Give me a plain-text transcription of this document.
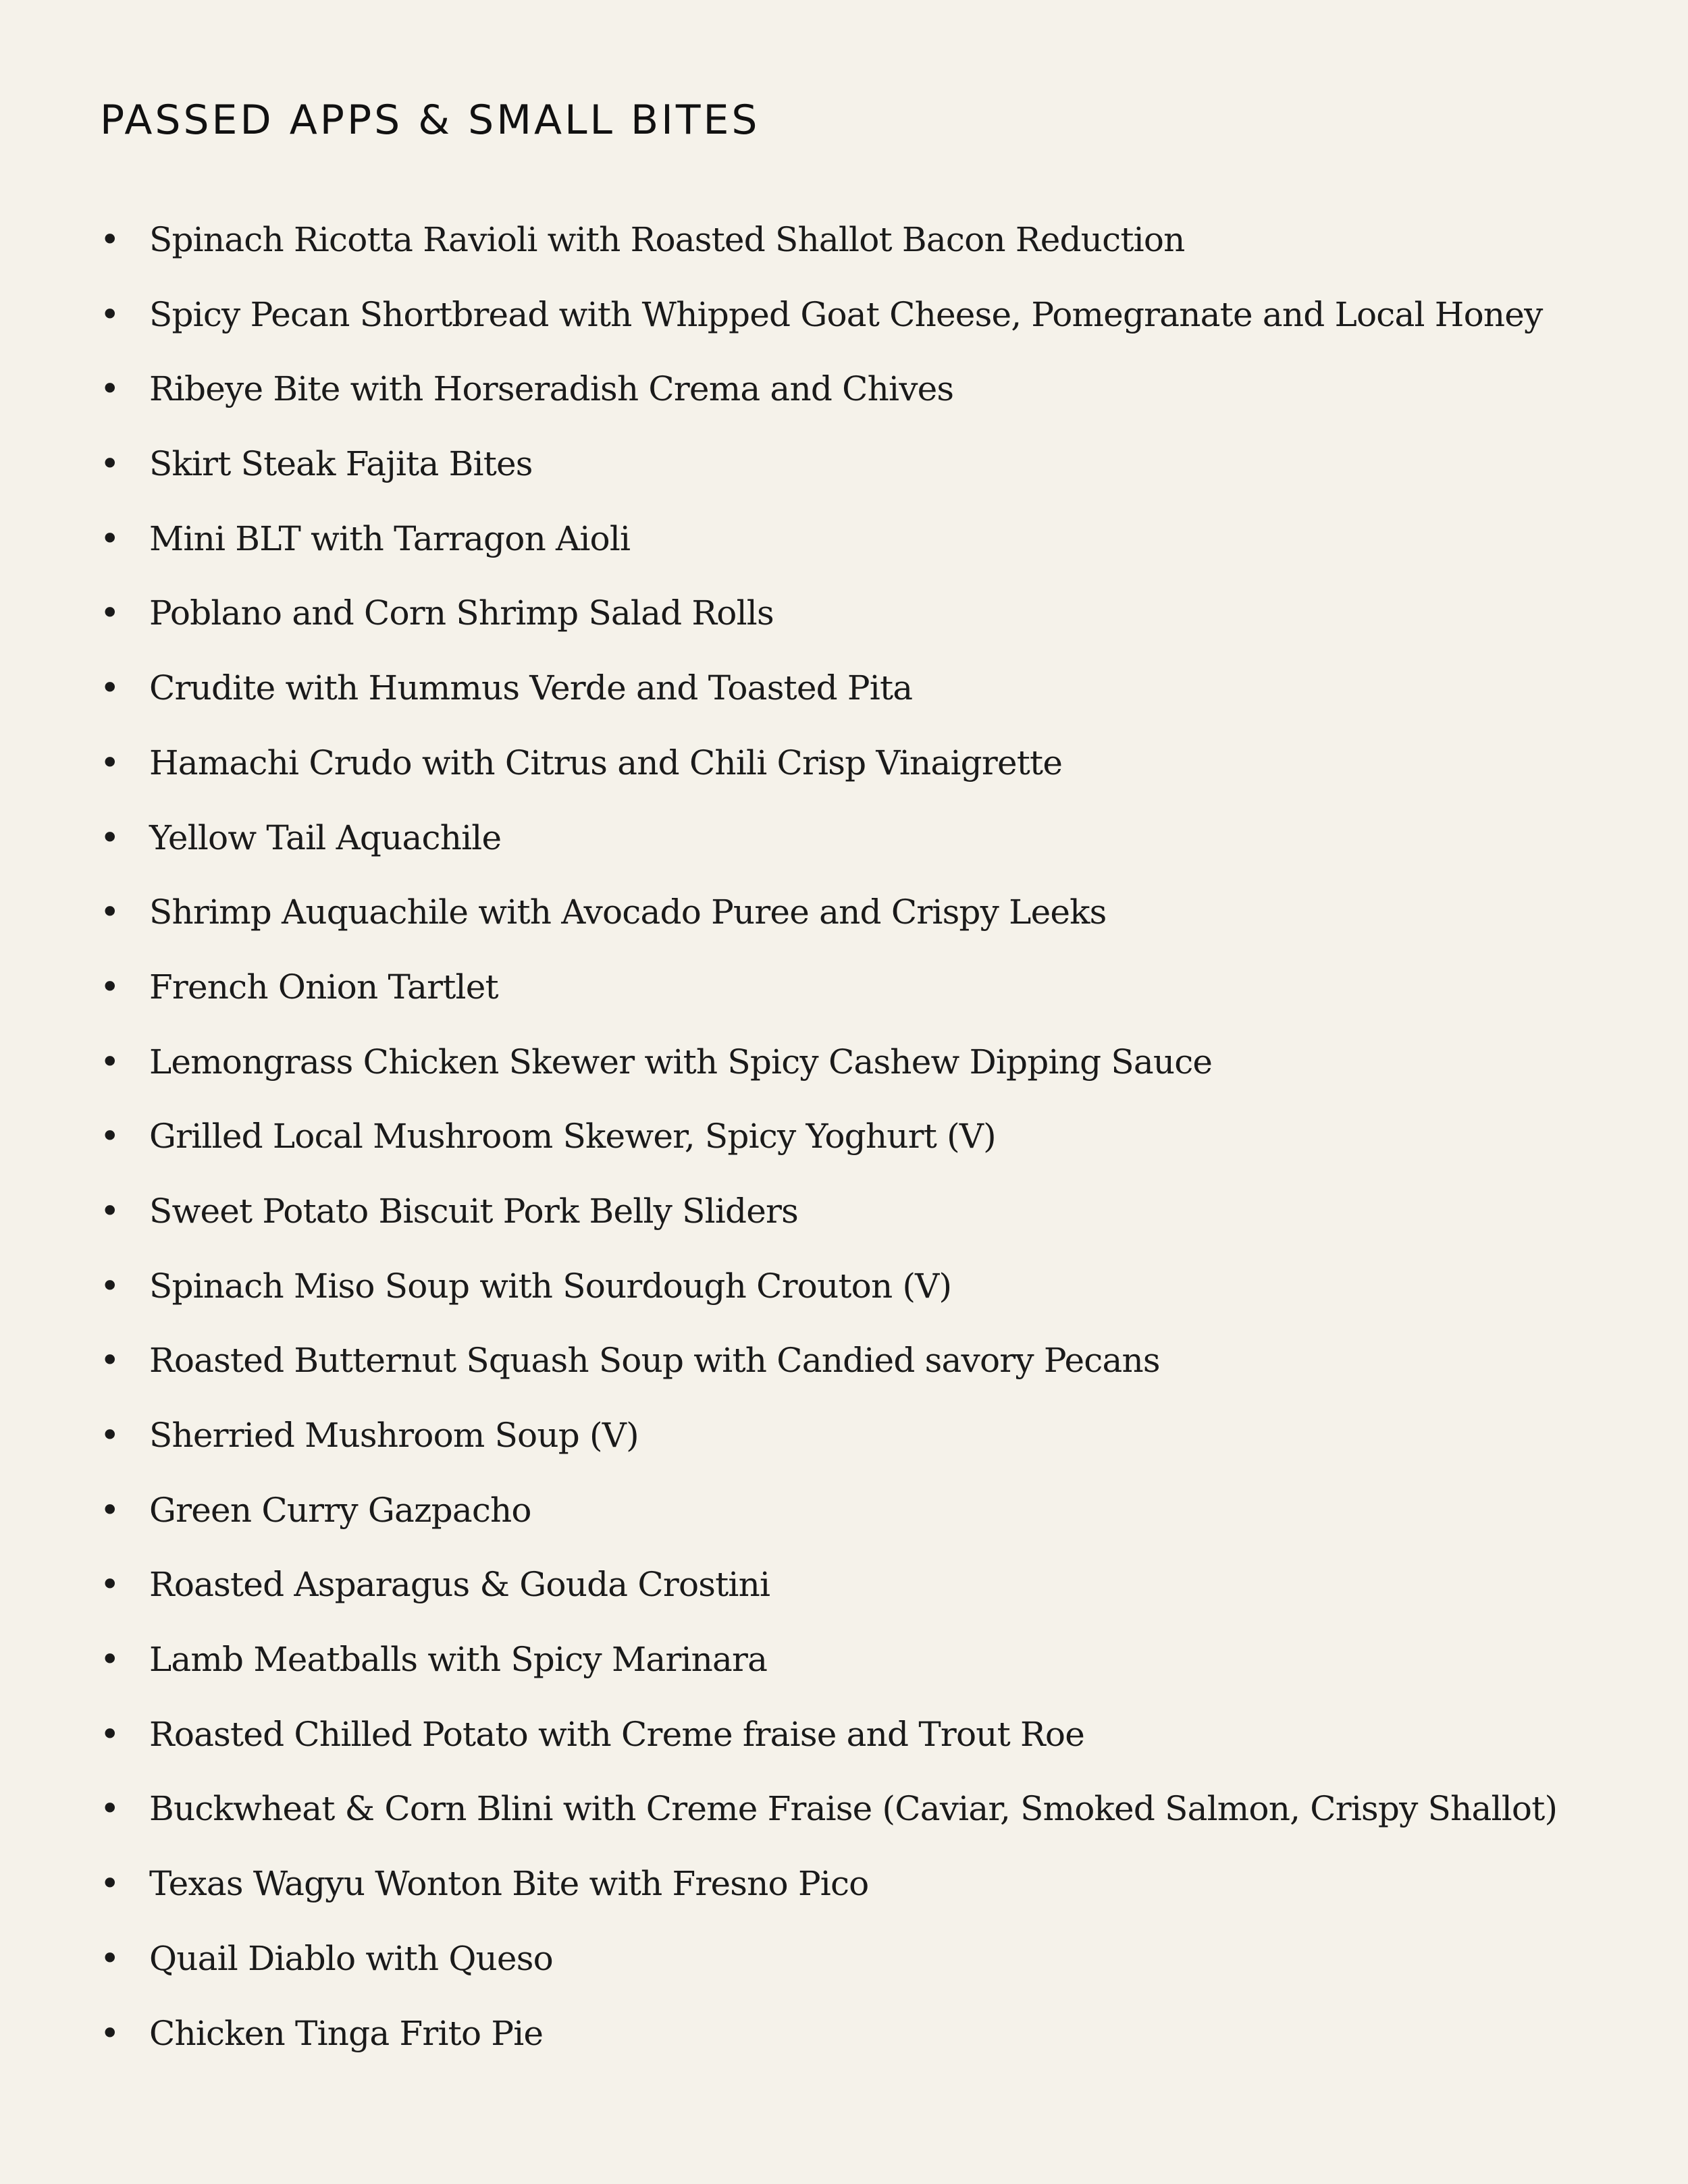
PASSED APPS & SMALL BITES
• Spinach Ricotta Ravioli with Roasted Shallot Bacon Reduction
• Spicy Pecan Shortbread with Whipped Goat Cheese, Pomegranate and Local Honey
• Ribeye Bite with Horseradish Crema and Chives
• Skirt Steak Fajita Bites
• Mini BLT with Tarragon Aioli
• Poblano and Corn Shrimp Salad Rolls
• Crudite with Hummus Verde and Toasted Pita
• Hamachi Crudo with Citrus and Chili Crisp Vinaigrette
• Yellow Tail Aquachile
• Shrimp Auquachile with Avocado Puree and Crispy Leeks
• French Onion Tartlet
• Lemongrass Chicken Skewer with Spicy Cashew Dipping Sauce
• Grilled Local Mushroom Skewer, Spicy Yoghurt (V)
• Sweet Potato Biscuit Pork Belly Sliders
• Spinach Miso Soup with Sourdough Crouton (V)
• Roasted Butternut Squash Soup with Candied savory Pecans
• Sherried Mushroom Soup (V)
• Green Curry Gazpacho
• Roasted Asparagus & Gouda Crostini
• Lamb Meatballs with Spicy Marinara
• Roasted Chilled Potato with Creme fraise and Trout Roe
• Buckwheat & Corn Blini with Creme Fraise (Caviar, Smoked Salmon, Crispy Shallot)
• Texas Wagyu Wonton Bite with Fresno Pico
• Quail Diablo with Queso
• Chicken Tinga Frito Pie
